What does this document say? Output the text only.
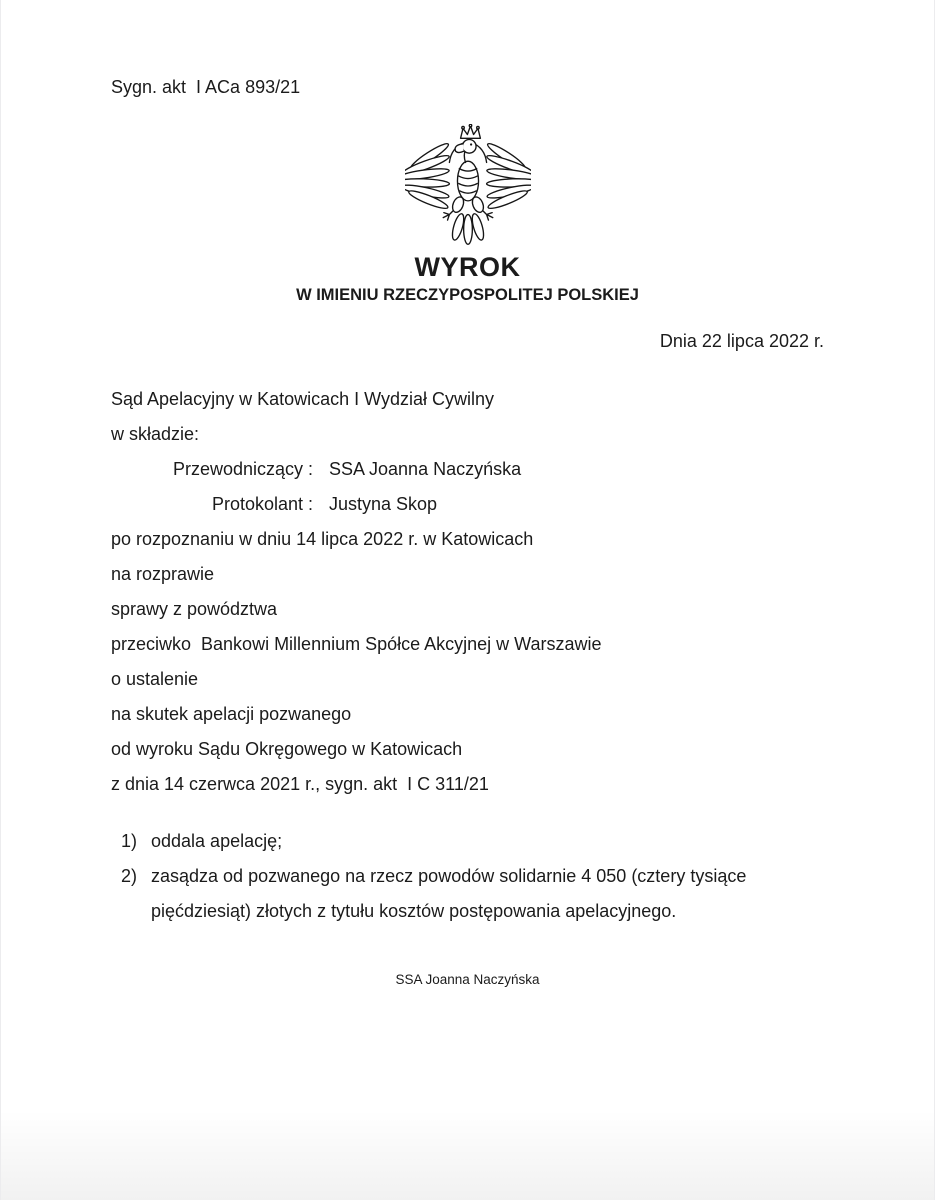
Sygn. akt  I ACa 893/21
WYROK
W IMIENIU RZECZYPOSPOLITEJ POLSKIEJ
Dnia 22 lipca 2022 r.
Sąd Apelacyjny w Katowicach I Wydział Cywilny
w składzie:
Przewodniczący : SSA Joanna Naczyńska
Protokolant : Justyna Skop
po rozpoznaniu w dniu 14 lipca 2022 r. w Katowicach
na rozprawie
sprawy z powództwa
przeciwko  Bankowi Millennium Spółce Akcyjnej w Warszawie
o ustalenie
na skutek apelacji pozwanego
od wyroku Sądu Okręgowego w Katowicach
z dnia 14 czerwca 2021 r., sygn. akt  I C 311/21
1) oddala apelację;
2) zasądza od pozwanego na rzecz powodów solidarnie 4 050 (cztery tysiące pięćdziesiąt) złotych z tytułu kosztów postępowania apelacyjnego.
SSA Joanna Naczyńska
